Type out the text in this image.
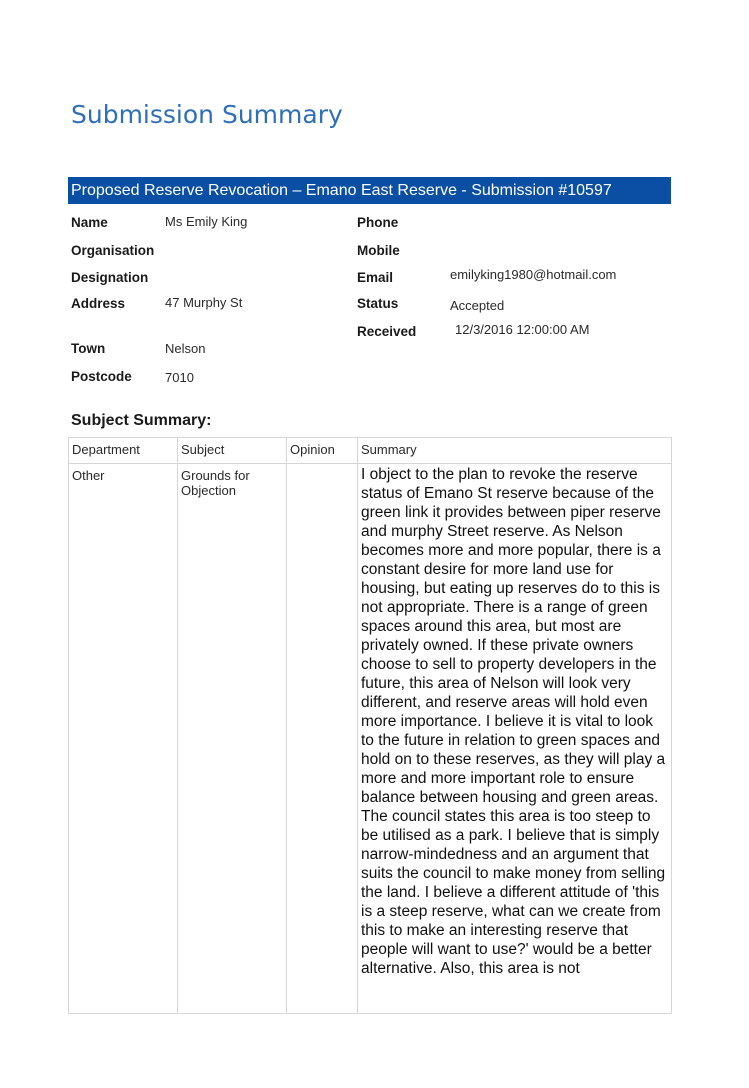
Submission Summary
Proposed Reserve Revocation – Emano East Reserve - Submission #10597
Name	Ms Emily King
Organisation
Designation
Address	47 Murphy St
Town	Nelson
Postcode	7010
Phone
Mobile
Email	emilyking1980@hotmail.com
Status	Accepted
Received	12/3/2016 12:00:00 AM
Subject Summary:
Department	Subject	Opinion	Summary
Other	Grounds for Objection		I object to the plan to revoke the reserve status of Emano St reserve because of the green link it provides between piper reserve and murphy Street reserve. As Nelson becomes more and more popular, there is a constant desire for more land use for housing, but eating up reserves do to this is not appropriate. There is a range of green spaces around this area, but most are privately owned. If these private owners choose to sell to property developers in the future, this area of Nelson will look very different, and reserve areas will hold even more importance. I believe it is vital to look to the future in relation to green spaces and hold on to these reserves, as they will play a more and more important role to ensure balance between housing and green areas. The council states this area is too steep to be utilised as a park. I believe that is simply narrow-mindedness and an argument that suits the council to make money from selling the land. I believe a different attitude of 'this is a steep reserve, what can we create from this to make an interesting reserve that people will want to use?' would be a better alternative. Also, this area is not
